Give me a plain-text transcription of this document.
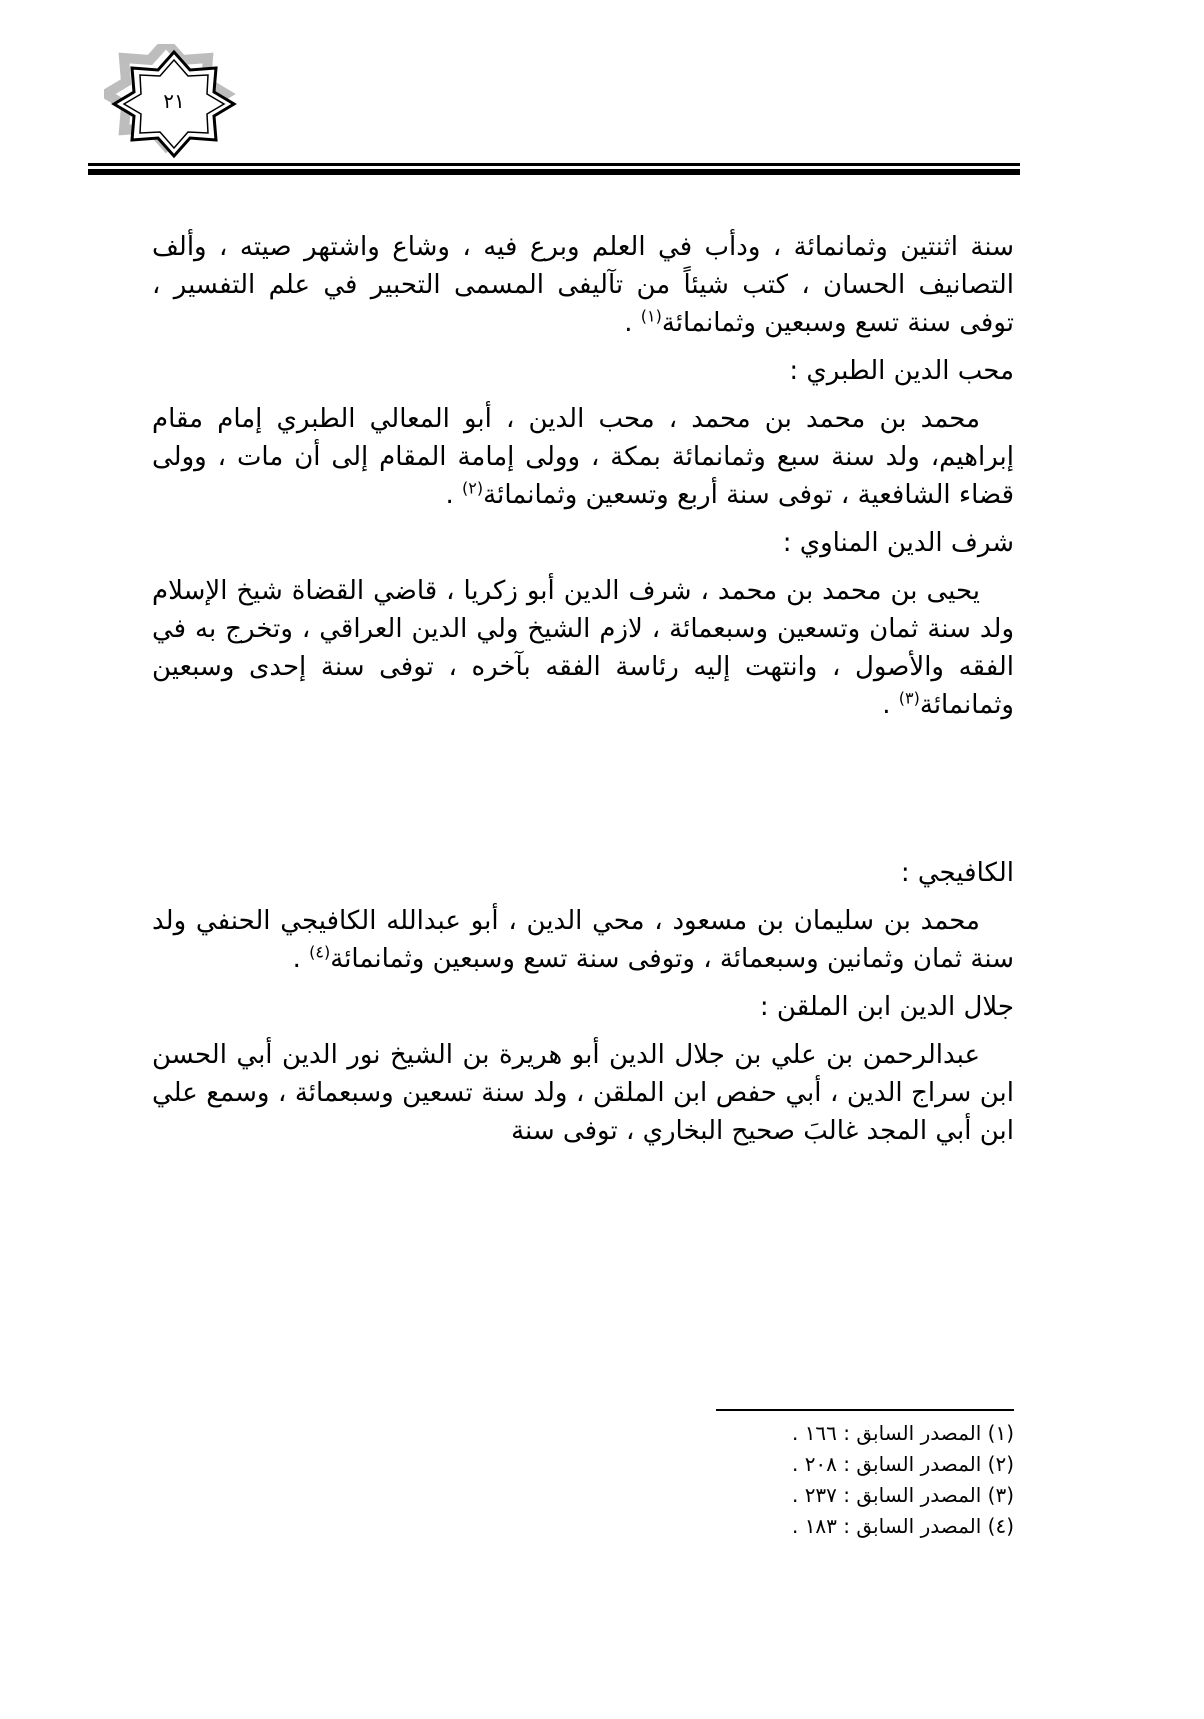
٢١

سنة اثنتين وثمانمائة ، ودأب في العلم وبرع فيه ، وشاع واشتهر صيته ، وألف التصانيف الحسان ، كتب شيئاً من تآليفى المسمى التحبير في علم التفسير ، توفى سنة تسع وسبعين وثمانمائة$^{(١)}$ .

محب الدين الطبري :

محمد بن محمد بن محمد ، محب الدين ، أبو المعالي الطبري إمام مقام إبراهيم، ولد سنة سبع وثمانمائة بمكة ، وولى إمامة المقام إلى أن مات ، وولى قضاء الشافعية ، توفى سنة أربع وتسعين وثمانمائة$^{(٢)}$ .

شرف الدين المناوي :

يحيى بن محمد بن محمد ، شرف الدين أبو زكريا ، قاضي القضاة شيخ الإسلام ولد سنة ثمان وتسعين وسبعمائة ، لازم الشيخ ولي الدين العراقي ، وتخرج به في الفقه والأصول ، وانتهت إليه رئاسة الفقه بآخره ، توفى سنة إحدى وسبعين وثمانمائة$^{(٣)}$ .

الكافيجي :

محمد بن سليمان بن مسعود ، محي الدين ، أبو عبدالله الكافيجي الحنفي ولد سنة ثمان وثمانين وسبعمائة ، وتوفى سنة تسع وسبعين وثمانمائة$^{(٤)}$ .

جلال الدين ابن الملقن :

عبدالرحمن بن علي بن جلال الدين أبو هريرة بن الشيخ نور الدين أبي الحسن ابن سراج الدين ، أبي حفص ابن الملقن ، ولد سنة تسعين وسبعمائة ، وسمع علي ابن أبي المجد غالبَ صحيح البخاري ، توفى سنة

(١) المصدر السابق : ١٦٦ .
(٢) المصدر السابق : ٢٠٨ .
(٣) المصدر السابق : ٢٣٧ .
(٤) المصدر السابق : ١٨٣ .
